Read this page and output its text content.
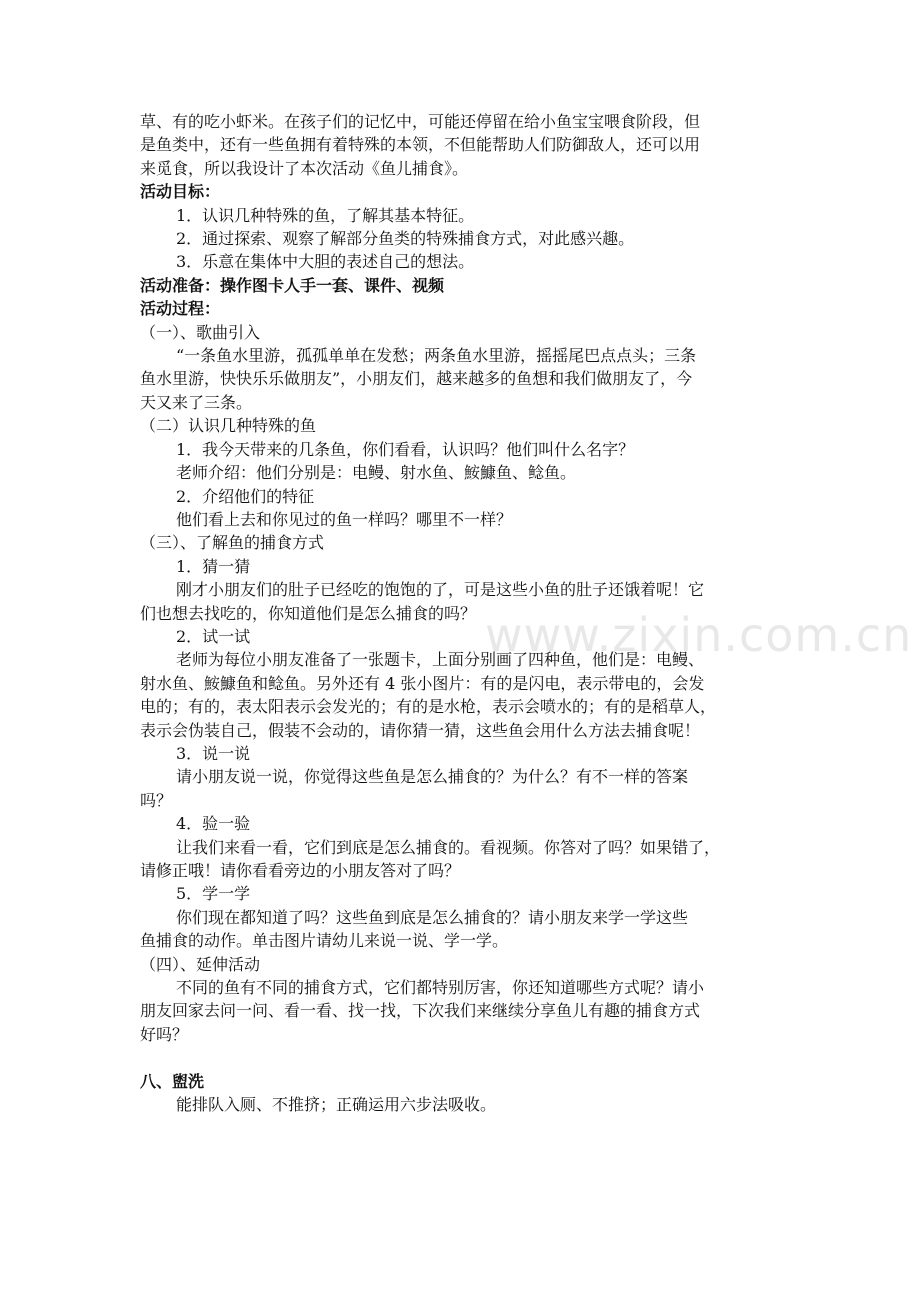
草、有的吃小虾米。在孩子们的记忆中，可能还停留在给小鱼宝宝喂食阶段，但

是鱼类中，还有一些鱼拥有着特殊的本领，不但能帮助人们防御敌人，还可以用

来觅食，所以我设计了本次活动《鱼儿捕食》。

活动目标：

1．认识几种特殊的鱼，了解其基本特征。

2．通过探索、观察了解部分鱼类的特殊捕食方式，对此感兴趣。

3．乐意在集体中大胆的表述自己的想法。

活动准备：操作图卡人手一套、课件、视频

活动过程：

（一）、歌曲引入

“一条鱼水里游，孤孤单单在发愁；两条鱼水里游，摇摇尾巴点点头；三条

鱼水里游，快快乐乐做朋友”，小朋友们，越来越多的鱼想和我们做朋友了，今

天又来了三条。

（二）认识几种特殊的鱼

1．我今天带来的几条鱼，你们看看，认识吗？他们叫什么名字？

老师介绍：他们分别是：电鳗、射水鱼、鮟鱇鱼、鲶鱼。

2．介绍他们的特征

他们看上去和你见过的鱼一样吗？哪里不一样？

（三）、了解鱼的捕食方式

1．猜一猜

刚才小朋友们的肚子已经吃的饱饱的了，可是这些小鱼的肚子还饿着呢！它

们也想去找吃的，你知道他们是怎么捕食的吗？

2．试一试

老师为每位小朋友准备了一张题卡，上面分别画了四种鱼，他们是：电鳗、

射水鱼、鮟鱇鱼和鲶鱼。另外还有 4 张小图片：有的是闪电，表示带电的，会发

电的；有的，表太阳表示会发光的；有的是水枪，表示会喷水的；有的是稻草人，

表示会伪装自己，假装不会动的，请你猜一猜，这些鱼会用什么方法去捕食呢！

3．说一说

请小朋友说一说，你觉得这些鱼是怎么捕食的？为什么？有不一样的答案

吗？

4．验一验

让我们来看一看，它们到底是怎么捕食的。看视频。你答对了吗？如果错了，

请修正哦！请你看看旁边的小朋友答对了吗？

5．学一学

你们现在都知道了吗？这些鱼到底是怎么捕食的？请小朋友来学一学这些

鱼捕食的动作。单击图片请幼儿来说一说、学一学。

（四）、延伸活动

不同的鱼有不同的捕食方式，它们都特别厉害，你还知道哪些方式呢？请小

朋友回家去问一问、看一看、找一找，下次我们来继续分享鱼儿有趣的捕食方式

好吗？

八、盥洗

能排队入厕、不推挤；正确运用六步法吸收。

www.zixin.com.cn
